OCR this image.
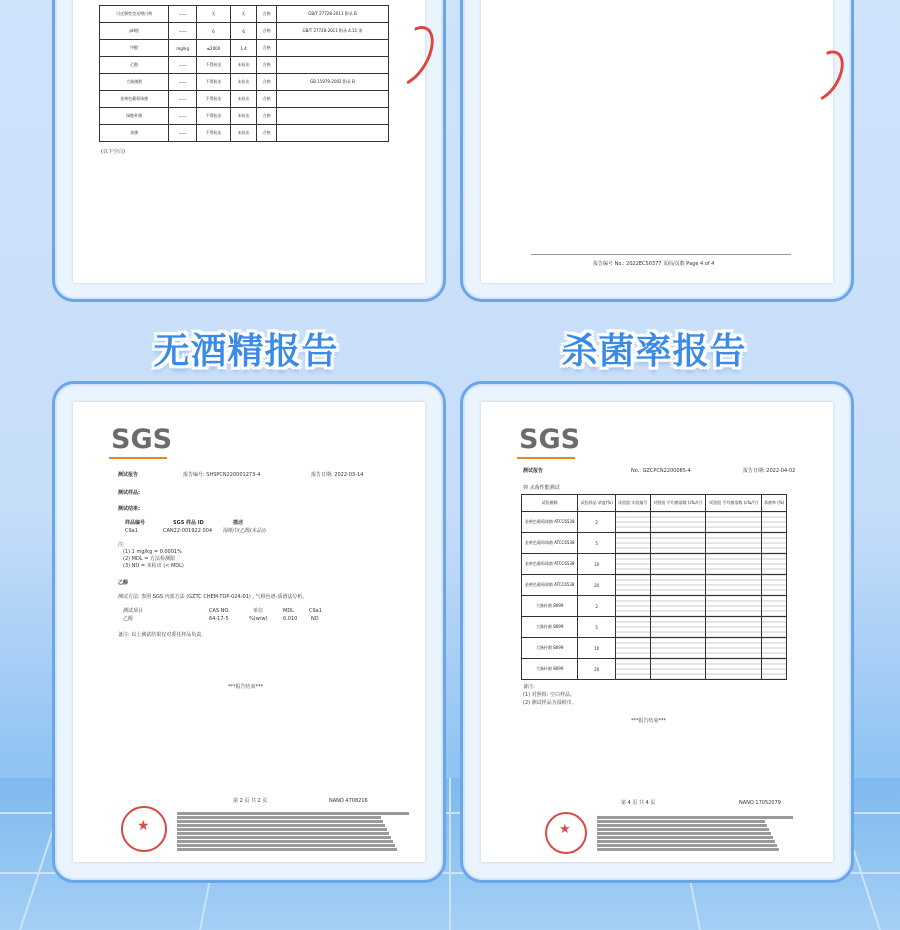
可迁移性荧光增白剂	——	无	无	合格	GB/T 27728-2011 附录 B
pH值	——	6	6	合格	GB/T 27728-2011 附录 4.11 条
甲醇	mg/kg	≤2000	1.4	合格	
乙醇	——	不得检出	未检出	合格	
大肠菌群	——	不得检出	未检出	合格	GB 15979-2002 附录 B
金黄色葡萄球菌	——	不得检出	未检出	合格	
绿脓杆菌	——	不得检出	未检出	合格	
真菌	——	不得检出	未检出	合格	
(以下空白)
报告编号 No.: 2022ECS0377 页码/页数 Page 4 of 4
无酒精报告	杀菌率报告
SGS
测试报告	报告编号: SHSPCN220001273-4	报告日期: 2022-03-14
测试样品:
测试结果:
样品编号	SGS 样品 ID	描述
C9a1	CAN22-001922.004 湿纸巾(乙醇(本品))
注:
(1) 1 mg/kg = 0.0001%
(2) MDL = 方法检测限
(3) ND = 未检出 (< MDL)
乙醇
测试方法: 参照 SGS 内部方法 (GZTC CHEM-TOP-024-01) , 气相色谱-质谱法分析。
测试项目	CAS NO.	单位	MDL	C9a1
乙醇	64-17-5	%(w/w)	0.010	ND
备注: 以上测试结果仅对委托样品负责。
***报告结束***
第 2 页 共 2 页	NANO 4708216
★
SGS
测试报告	No.: GZCPCN2200085-4	报告日期: 2022-04-02
抑 杀菌性能测试
试验菌株	试验样品 浓度(%)	试验组 实验编号	对照组 平均菌落数 (cfu/片)	试验组 平均菌落数 (cfu/片)	杀菌率 (%)
金黄色葡萄球菌 ATCC6538	2				
金黄色葡萄球菌 ATCC6538	5				
金黄色葡萄球菌 ATCC6538	10				
金黄色葡萄球菌 ATCC6538	20				
大肠杆菌 8099	2				
大肠杆菌 8099	5				
大肠杆菌 8099	10				
大肠杆菌 8099	20				
备注:
(1) 对照组: 空白样品。
(2) 测试样品为湿纸巾。
***报告结束***
第 4 页 共 4 页	NANO 17052079
★
